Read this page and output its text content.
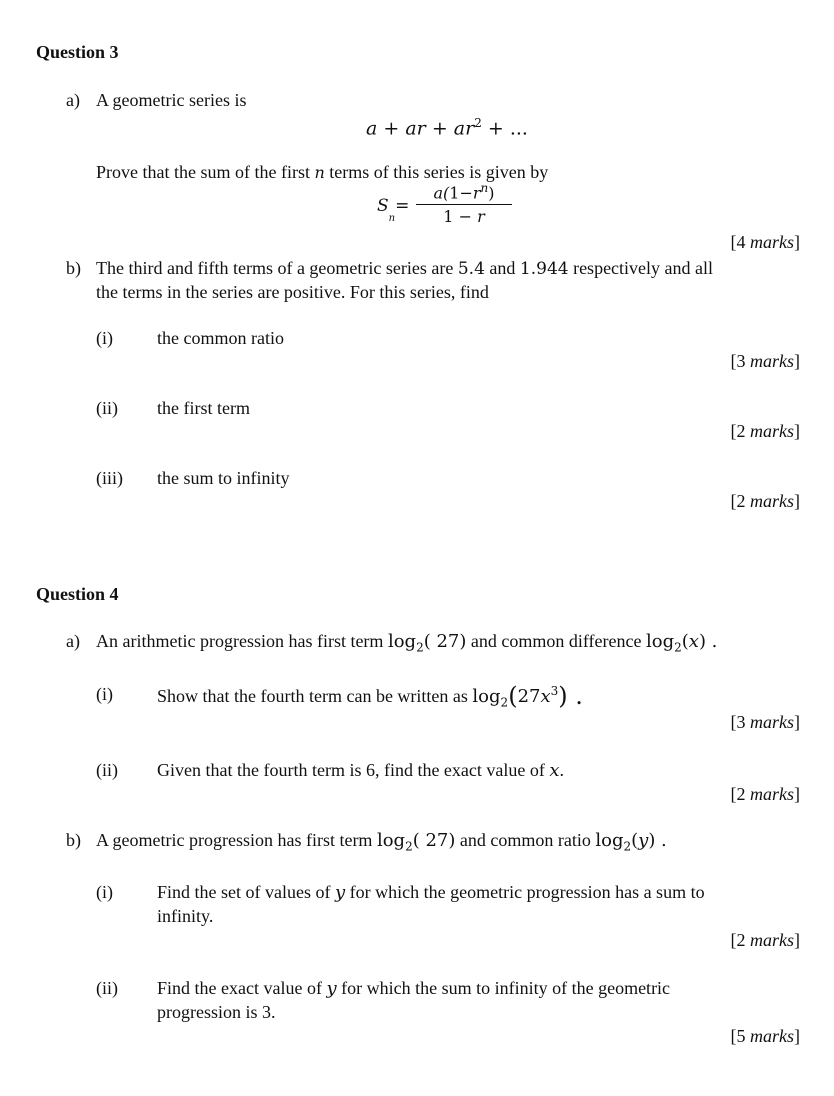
Question 3
a) A geometric series is
a + ar + $ar^2$ + ...
Prove that the sum of the first n terms of this series is given by
$S_n=$
$a(1-r^n)$
1 − r
[4 marks]
b) The third and fifth terms of a geometric series are 5.4 and 1.944 respectively and all
the terms in the series are positive. For this series, find
(i) the common ratio
[3 marks]
(ii) the first term
[2 marks]
(iii) the sum to infinity
[2 marks]
Question 4
a) An arithmetic progression has first term $\log_2$( 27) and common difference $\log_2(x)$ .
(i) Show that the fourth term can be written as $\log_2(27x^3)$ .
[3 marks]
(ii) Given that the fourth term is 6, find the exact value of x.
[2 marks]
b) A geometric progression has first term $\log_2$( 27) and common ratio $\log_2(y)$ .
(i) Find the set of values of y for which the geometric progression has a sum to
infinity.
[2 marks]
(ii) Find the exact value of y for which the sum to infinity of the geometric
progression is 3.
[5 marks]
